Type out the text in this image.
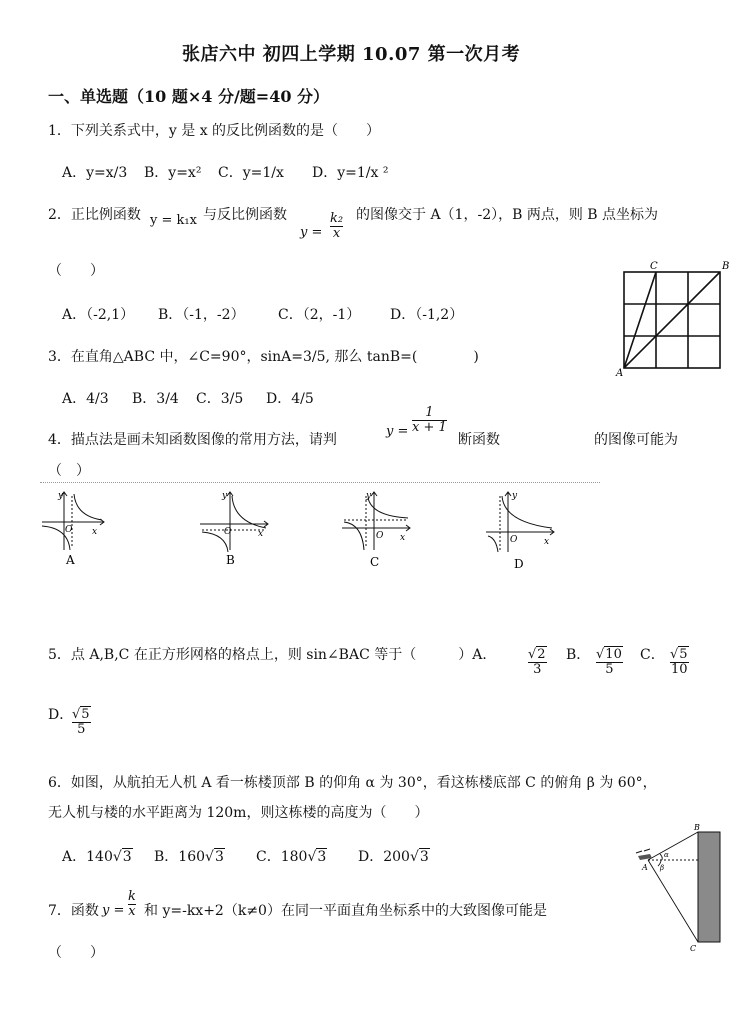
张店六中 初四上学期 10.07 第一次月考
一、单选题（10 题×4 分/题=40 分）
1．下列关系式中，y 是 x 的反比例函数的是（　　）
A．y=x/3 B．y=x² C．y=1/x D．y=1/x ²
2．正比例函数 y = k₁x 与反比例函数
y =
k₂
x
的图像交于 A（1，-2），B 两点，则 B 点坐标为
（　　）
A．（-2,1） B．（-1，-2） C．（2，-1） D．（-1,2）
C	B
A
3．在直角△ABC 中，∠C=90°，sinA=3/5, 那么 tanB=(　　　　)
A．4/3 B．3/4 C．3/5 D．4/5
4．描点法是画未知函数图像的常用方法，请判
y =
1
x + 1
断函数	的图像可能为
（　）
y
x
O
A
y
x
O
B
y
x
O
C
y
x
O
D
5．点 A,B,C 在正方形网格的格点上，则 sin∠BAC 等于（　　　）A． √2
3
B． √10
5
C． √5
10
D．
√5
5
6．如图，从航拍无人机 A 看一栋楼顶部 B 的仰角 α 为 30°，看这栋楼底部 C 的俯角 β 为 60°，
无人机与楼的水平距离为 120m，则这栋楼的高度为（　　）
A．140√3 B．160√3 C．180√3 D．200√3
B
C
A
α
β
7．函数 y =
k
x 和 y=-kx+2（k≠0）在同一平面直角坐标系中的大致图像可能是
（　　）
